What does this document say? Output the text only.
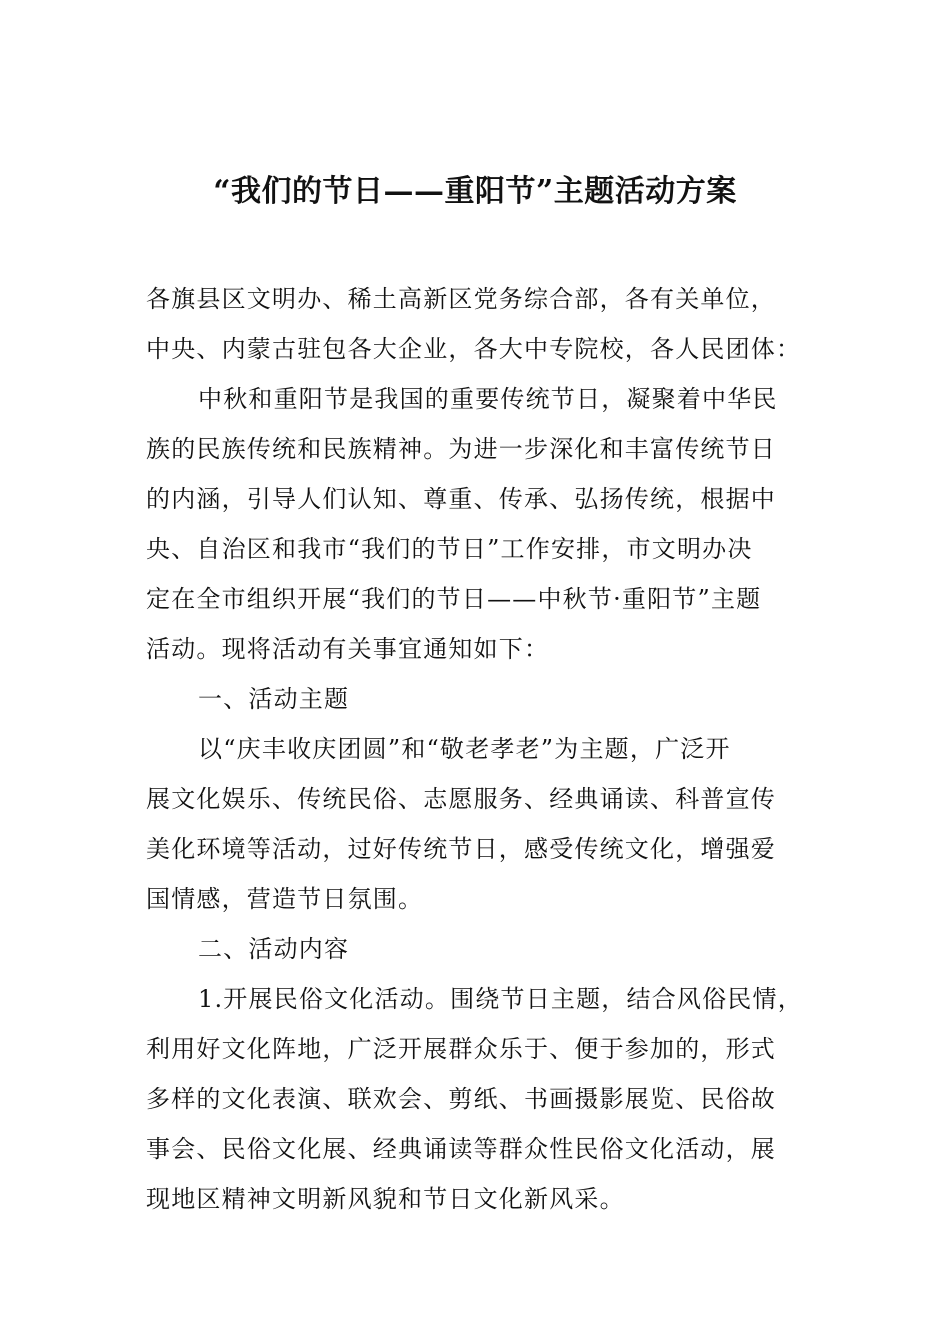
“我们的节日——重阳节”主题活动方案
各旗县区文明办、稀土高新区党务综合部，各有关单位，
中央、内蒙古驻包各大企业，各大中专院校，各人民团体：
中秋和重阳节是我国的重要传统节日，凝聚着中华民
族的民族传统和民族精神。为进一步深化和丰富传统节日
的内涵，引导人们认知、尊重、传承、弘扬传统，根据中
央、自治区和我市“我们的节日”工作安排，市文明办决
定在全市组织开展“我们的节日——中秋节·重阳节”主题
活动。现将活动有关事宜通知如下：
一、活动主题
以“庆丰收庆团圆”和“敬老孝老”为主题，广泛开
展文化娱乐、传统民俗、志愿服务、经典诵读、科普宣传
美化环境等活动，过好传统节日，感受传统文化，增强爱
国情感，营造节日氛围。
二、活动内容
1.开展民俗文化活动。围绕节日主题，结合风俗民情，
利用好文化阵地，广泛开展群众乐于、便于参加的，形式
多样的文化表演、联欢会、剪纸、书画摄影展览、民俗故
事会、民俗文化展、经典诵读等群众性民俗文化活动，展
现地区精神文明新风貌和节日文化新风采。
